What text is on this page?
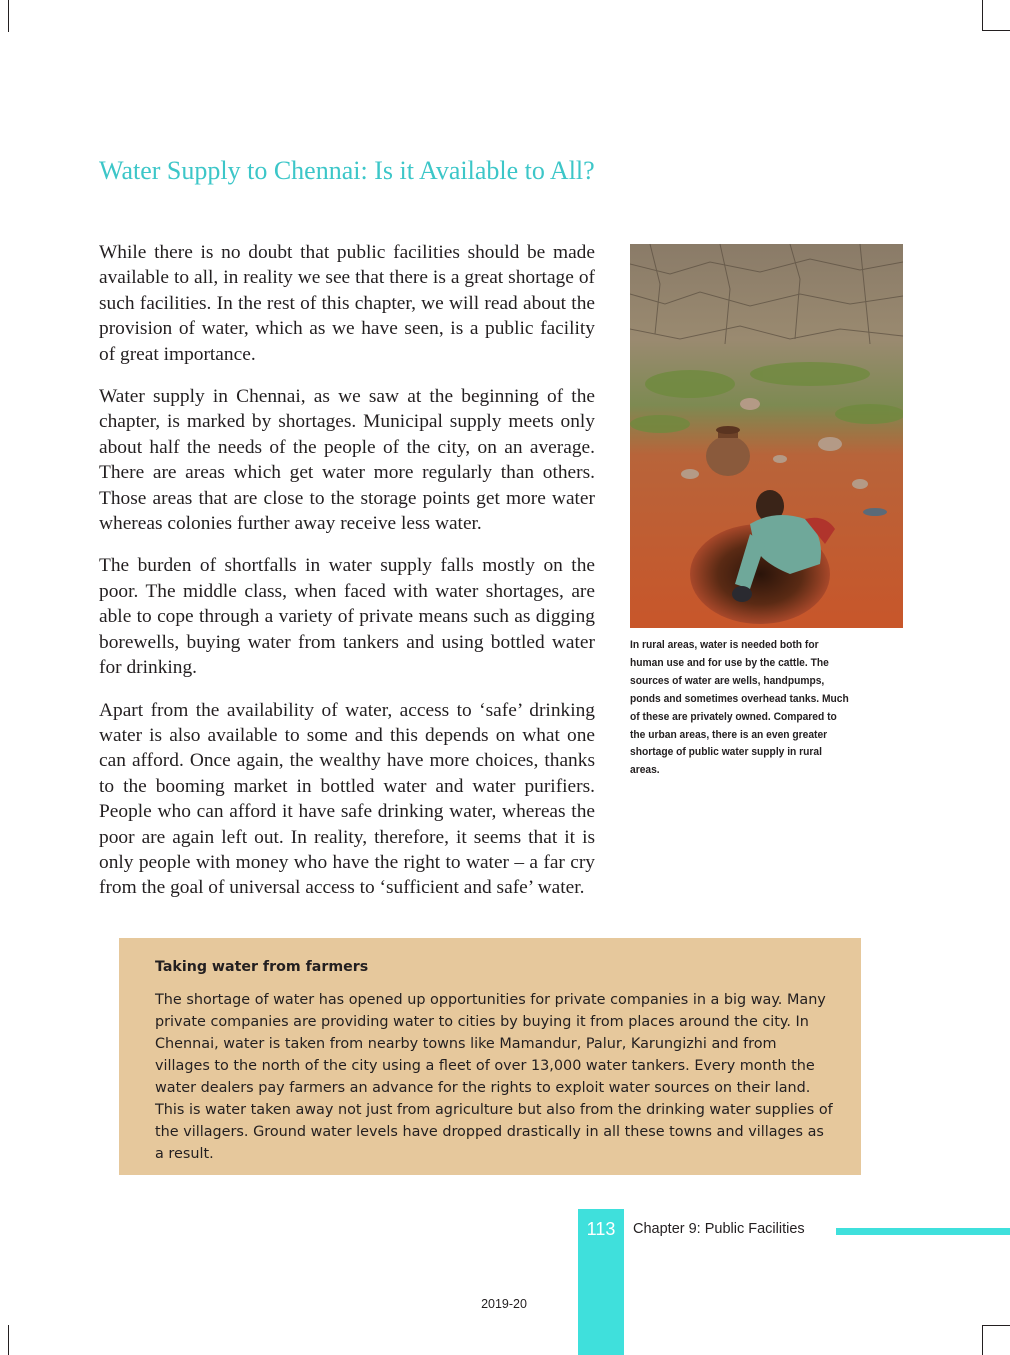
Water Supply to Chennai: Is it Available to All?

While there is no doubt that public facilities should be made available to all, in reality we see that there is a great shortage of such facilities. In the rest of this chapter, we will read about the provision of water, which as we have seen, is a public facility of great importance.

Water supply in Chennai, as we saw at the beginning of the chapter, is marked by shortages. Municipal supply meets only about half the needs of the people of the city, on an average. There are areas which get water more regularly than others. Those areas that are close to the storage points get more water whereas colonies further away receive less water.

The burden of shortfalls in water supply falls mostly on the poor. The middle class, when faced with water shortages, are able to cope through a variety of private means such as digging borewells, buying water from tankers and using bottled water for drinking.

Apart from the availability of water, access to ‘safe’ drinking water is also available to some and this depends on what one can afford. Once again, the wealthy have more choices, thanks to the booming market in bottled water and water purifiers. People who can afford it have safe drinking water, whereas the poor are again left out. In reality, therefore, it seems that it is only people with money who have the right to water – a far cry from the goal of universal access to ‘sufficient and safe’ water.

In rural areas, water is needed both for human use and for use by the cattle. The sources of water are wells, handpumps, ponds and sometimes overhead tanks. Much of these are privately owned. Compared to the urban areas, there is an even greater shortage of public water supply in rural areas.
Taking water from farmers

The shortage of water has opened up opportunities for private companies in a big way. Many private companies are providing water to cities by buying it from places around the city. In Chennai, water is taken from nearby towns like Mamandur, Palur, Karungizhi and from villages to the north of the city using a fleet of over 13,000 water tankers. Every month the water dealers pay farmers an advance for the rights to exploit water sources on their land. This is water taken away not just from agriculture but also from the drinking water supplies of the villagers. Ground water levels have dropped drastically in all these towns and villages as a result.

113	Chapter 9: Public Facilities
2019-20
